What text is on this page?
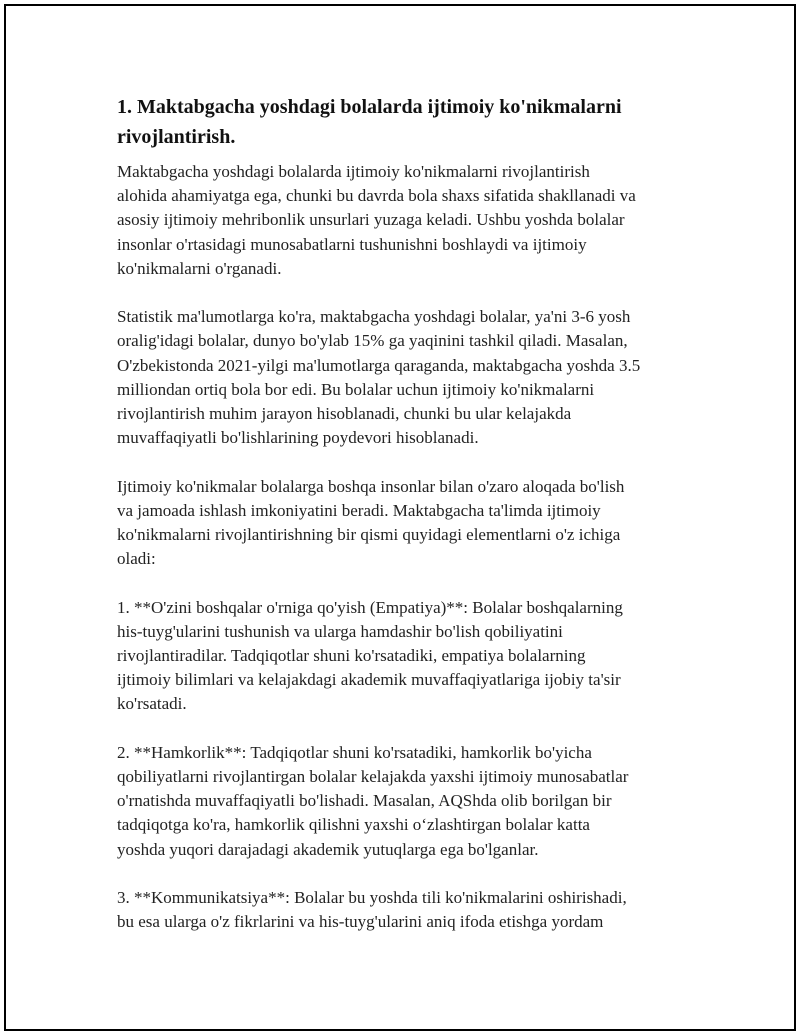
1. Maktabgacha yoshdagi bolalarda ijtimoiy ko'nikmalarni rivojlantirish.

Maktabgacha yoshdagi bolalarda ijtimoiy ko'nikmalarni rivojlantirish
alohida ahamiyatga ega, chunki bu davrda bola shaxs sifatida shakllanadi va
asosiy ijtimoiy mehribonlik unsurlari yuzaga keladi. Ushbu yoshda bolalar
insonlar o'rtasidagi munosabatlarni tushunishni boshlaydi va ijtimoiy
ko'nikmalarni o'rganadi.

Statistik ma'lumotlarga ko'ra, maktabgacha yoshdagi bolalar, ya'ni 3-6 yosh
oralig'idagi bolalar, dunyo bo'ylab 15% ga yaqinini tashkil qiladi. Masalan,
O'zbekistonda 2021-yilgi ma'lumotlarga qaraganda, maktabgacha yoshda 3.5
milliondan ortiq bola bor edi. Bu bolalar uchun ijtimoiy ko'nikmalarni
rivojlantirish muhim jarayon hisoblanadi, chunki bu ular kelajakda
muvaffaqiyatli bo'lishlarining poydevori hisoblanadi.

Ijtimoiy ko'nikmalar bolalarga boshqa insonlar bilan o'zaro aloqada bo'lish
va jamoada ishlash imkoniyatini beradi. Maktabgacha ta'limda ijtimoiy
ko'nikmalarni rivojlantirishning bir qismi quyidagi elementlarni o'z ichiga
oladi:

1. **O'zini boshqalar o'rniga qo'yish (Empatiya)**: Bolalar boshqalarning
his-tuyg'ularini tushunish va ularga hamdashir bo'lish qobiliyatini
rivojlantiradilar. Tadqiqotlar shuni ko'rsatadiki, empatiya bolalarning
ijtimoiy bilimlari va kelajakdagi akademik muvaffaqiyatlariga ijobiy ta'sir
ko'rsatadi.

2. **Hamkorlik**: Tadqiqotlar shuni ko'rsatadiki, hamkorlik bo'yicha
qobiliyatlarni rivojlantirgan bolalar kelajakda yaxshi ijtimoiy munosabatlar
o'rnatishda muvaffaqiyatli bo'lishadi. Masalan, AQShda olib borilgan bir
tadqiqotga ko'ra, hamkorlik qilishni yaxshi o‘zlashtirgan bolalar katta
yoshda yuqori darajadagi akademik yutuqlarga ega bo'lganlar.

3. **Kommunikatsiya**: Bolalar bu yoshda tili ko'nikmalarini oshirishadi,
bu esa ularga o'z fikrlarini va his-tuyg'ularini aniq ifoda etishga yordam
